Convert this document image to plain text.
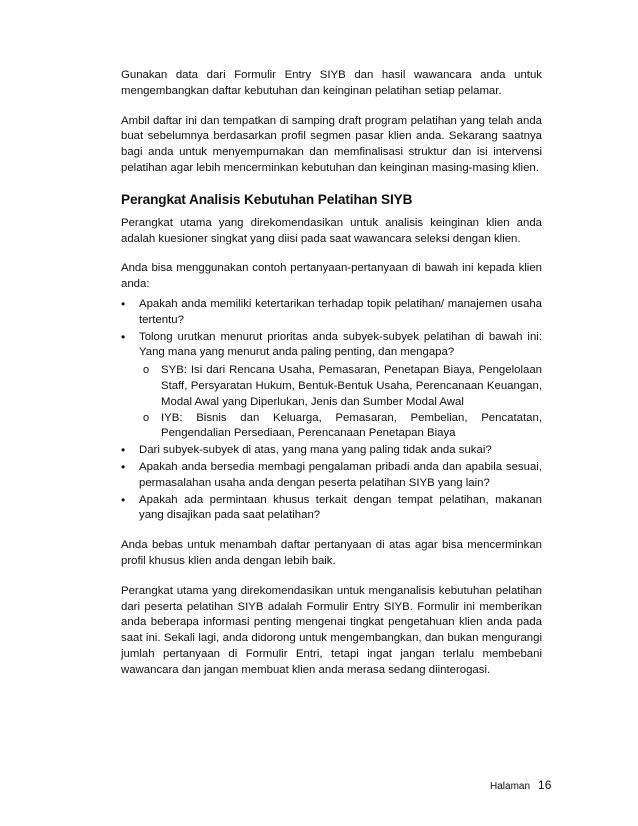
Gunakan data dari Formulir Entry SIYB dan hasil wawancara anda untuk mengembangkan daftar kebutuhan dan keinginan pelatihan setiap pelamar.

Ambil daftar ini dan tempatkan di samping draft program pelatihan yang telah anda buat sebelumnya berdasarkan profil segmen pasar klien anda. Sekarang saatnya bagi anda untuk menyempurnakan dan memfinalisasi struktur dan isi intervensi pelatihan agar lebih mencerminkan kebutuhan dan keinginan masing-masing klien.

Perangkat Analisis Kebutuhan Pelatihan SIYB

Perangkat utama yang direkomendasikan untuk analisis keinginan klien anda adalah kuesioner singkat yang diisi pada saat wawancara seleksi dengan klien.

Anda bisa menggunakan contoh pertanyaan-pertanyaan di bawah ini kepada klien anda:

• Apakah anda memiliki ketertarikan terhadap topik pelatihan/ manajemen usaha tertentu?
• Tolong urutkan menurut prioritas anda subyek-subyek pelatihan di bawah ini: Yang mana yang menurut anda paling penting, dan mengapa?
o SYB: Isi dari Rencana Usaha, Pemasaran, Penetapan Biaya, Pengelolaan Staff, Persyaratan Hukum, Bentuk-Bentuk Usaha, Perencanaan Keuangan, Modal Awal yang Diperlukan, Jenis dan Sumber Modal Awal
o IYB: Bisnis dan Keluarga, Pemasaran, Pembelian, Pencatatan, Pengendalian Persediaan, Perencanaan Penetapan Biaya
• Dari subyek-subyek di atas, yang mana yang paling tidak anda sukai?
• Apakah anda bersedia membagi pengalaman pribadi anda dan apabila sesuai, permasalahan usaha anda dengan peserta pelatihan SIYB yang lain?
• Apakah ada permintaan khusus terkait dengan tempat pelatihan, makanan yang disajikan pada saat pelatihan?

Anda bebas untuk menambah daftar pertanyaan di atas agar bisa mencerminkan profil khusus klien anda dengan lebih baik.

Perangkat utama yang direkomendasikan untuk menganalisis kebutuhan pelatihan dari peserta pelatihan SIYB adalah Formulir Entry SIYB. Formulir ini memberikan anda beberapa informasi penting mengenai tingkat pengetahuan klien anda pada saat ini. Sekali lagi, anda didorong untuk mengembangkan, dan bukan mengurangi jumlah pertanyaan di Formulir Entri, tetapi ingat jangan terlalu membebani wawancara dan jangan membuat klien anda merasa sedang diinterogasi.

Halaman 16
